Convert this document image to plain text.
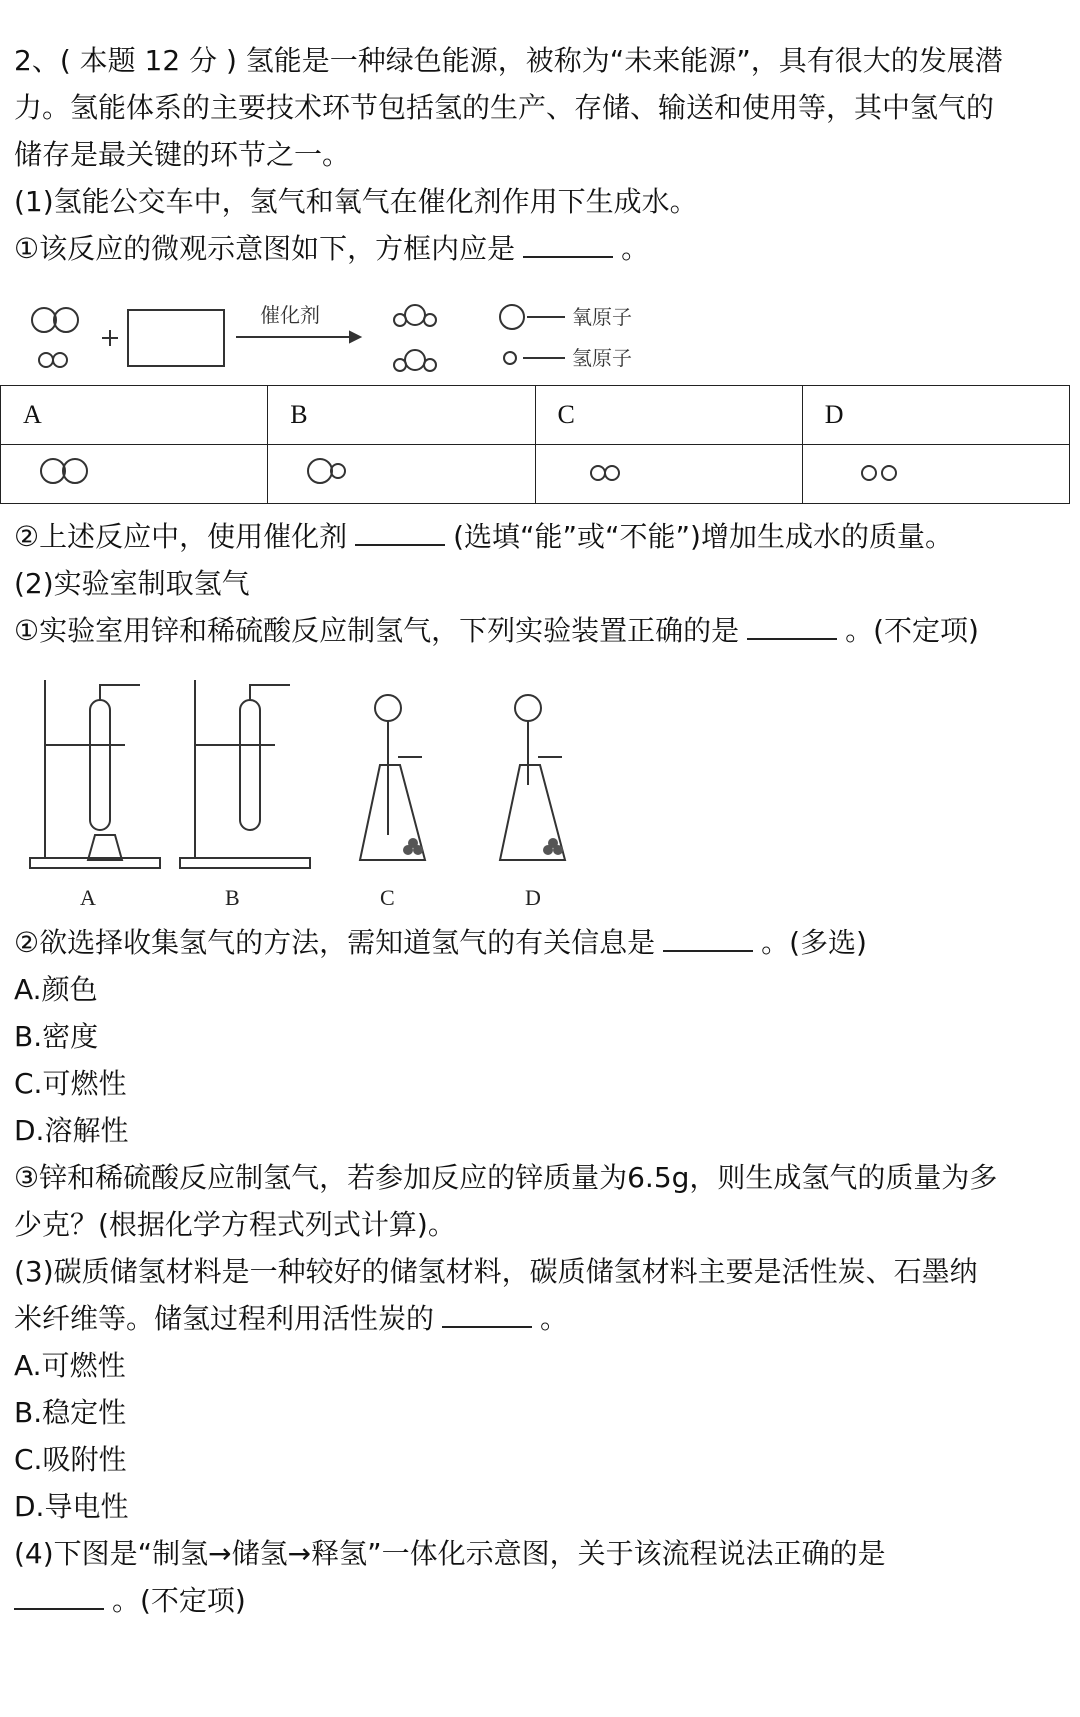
2、( 本题 12 分 ) 氢能是一种绿色能源，被称为“未来能源”，具有很大的发展潜
力。氢能体系的主要技术环节包括氢的生产、存储、输送和使用等，其中氢气的
储存是最关键的环节之一。
(1)氢能公交车中，氢气和氧气在催化剂作用下生成水。
①该反应的微观示意图如下，方框内应是	。
催化剂	氧原子
氢原子
A	B	C	D

②上述反应中，使用催化剂	(选填“能”或“不能”)增加生成水的质量。
(2)实验室制取氢气
①实验室用锌和稀硫酸反应制氢气，下列实验装置正确的是	。(不定项)
A	B	C	D
②欲选择收集氢气的方法，需知道氢气的有关信息是	。(多选)
A.颜色
B.密度
C.可燃性
D.溶解性
③锌和稀硫酸反应制氢气，若参加反应的锌质量为6.5g，则生成氢气的质量为多
少克？(根据化学方程式列式计算)。
(3)碳质储氢材料是一种较好的储氢材料，碳质储氢材料主要是活性炭、石墨纳
米纤维等。储氢过程利用活性炭的	。
A.可燃性
B.稳定性
C.吸附性
D.导电性
(4)下图是“制氢→储氢→释氢”一体化示意图，关于该流程说法正确的是
。(不定项)
